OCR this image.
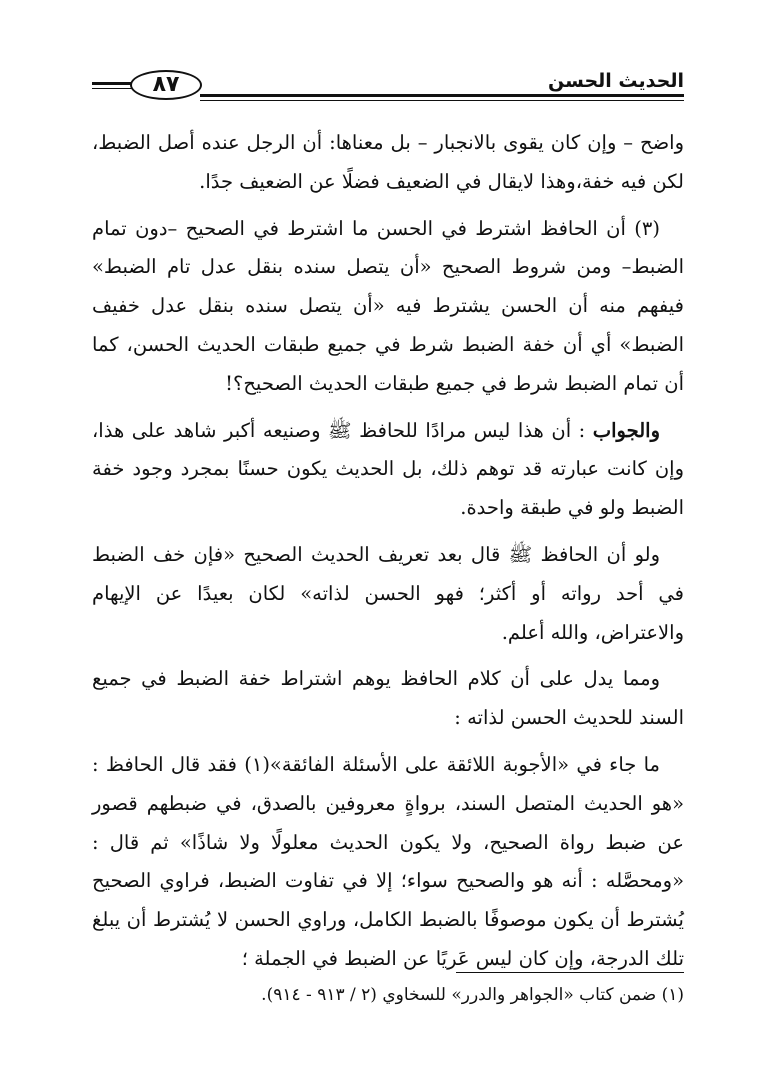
٨٧	الحديث الحسن

واضح – وإن كان يقوى بالانجبار – بل معناها: أن الرجل عنده أصل الضبط، لكن فيه خفة،وهذا لايقال في الضعيف فضلًا عن الضعيف جدًا.

(٣) أن الحافظ اشترط في الحسن ما اشترط في الصحيح –دون تمام الضبط– ومن شروط الصحيح «أن يتصل سنده بنقل عدل تام الضبط» فيفهم منه أن الحسن يشترط فيه «أن يتصل سنده بنقل عدل خفيف الضبط» أي أن خفة الضبط شرط في جميع طبقات الحديث الحسن، كما أن تمام الضبط شرط في جميع طبقات الحديث الصحيح؟!

والجواب : أن هذا ليس مرادًا للحافظ ﷺ وصنيعه أكبر شاهد على هذا، وإن كانت عبارته قد توهم ذلك، بل الحديث يكون حسنًا بمجرد وجود خفة الضبط ولو في طبقة واحدة.

ولو أن الحافظ ﷺ قال بعد تعريف الحديث الصحيح «فإن خف الضبط في أحد رواته أو أكثر؛ فهو الحسن لذاته» لكان بعيدًا عن الإيهام والاعتراض، والله أعلم.

ومما يدل على أن كلام الحافظ يوهم اشتراط خفة الضبط في جميع السند للحديث الحسن لذاته :

ما جاء في «الأجوبة اللائقة على الأسئلة الفائقة»(١) فقد قال الحافظ : «هو الحديث المتصل السند، برواةٍ معروفين بالصدق، في ضبطهم قصور عن ضبط رواة الصحيح، ولا يكون الحديث معلولًا ولا شاذًا» ثم قال : «ومحصَّله : أنه هو والصحيح سواء؛ إلا في تفاوت الضبط، فراوي الصحيح يُشترط أن يكون موصوفًا بالضبط الكامل، وراوي الحسن لا يُشترط أن يبلغ تلك الدرجة، وإن كان ليس عَريًا عن الضبط في الجملة ؛

(١) ضمن كتاب «الجواهر والدرر» للسخاوي (٢ / ٩١٣ - ٩١٤).
